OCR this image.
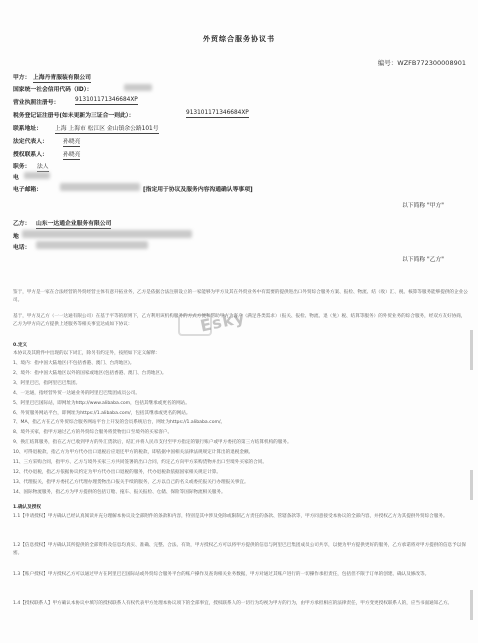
外贸综合服务协议书
编号：WZFB772300008901
甲方： 上海丹青服装有限公司
国家统一社会信用代码（ID）：
营业执照注册号：	913101171346684XP
税务登记证注册号(如未更新为三证合一则此）：	913101171346684XP
联系地址： 上海 上海市 松江区 金山镇余公路101号
法定代表人：	孙晓亮
授权联系人：	孙晓亮
职务： 法人
电
电子邮箱：	[指定用于协议及服务内容沟通确认等事项]
以下简称 "甲方"
乙方： 山东一达通企业服务有限公司
地
电话：
以下简称 "乙方"
鉴于，甲方是一家在合法经营的外贸经营主体有意开拓业务，乙方是依据合法注册设立的一家能够为甲方及其在外贸业务中有需要的提供进出口外贸综合服务方案、报检、物流、结（收）汇、税、核算等服务能够提供的企业公司。
基于，甲方及乙方（一一达通有限公司）在基于平等的原则下，乙方利用该机构服务的方式方便和帮助甲方为客户（满足各类需求）（报关、报检、物流、退（免）税、结算等服务）的外贸业务的综合服务，经双方友好协商，乙方为甲方向乙方提供上述服务等相关事宜达成如下协议：
0.定义
本协议及其附件中出现的以下词汇，除另有约定外，按照如下定义解释：
1、境内：指中国大陆地区(不包括香港、澳门、台湾地区)。
2、境外：指中国大陆地区以外的国家或地区(包括香港、澳门、台湾地区)。
3、阿里巴巴，指阿里巴巴集团。
4、一达通，指经营外贸一达通业务的阿里巴巴集团成员公司。
5、阿里巴巴国际站，即网址为http://www.alibaba.com，包括其继承或更名的网站。
6、外贸服务网站平台，即网址为https://1.alibaba.com/，包括其继承或更名的网站。
7、MA，指乙方在乙方外贸综合服务网站平台上开发的会员系统后台，网址为https://1.alibaba.com/。
8、境外买家，指甲方通过乙方的外贸综合服务将货物出口至境外的买家客户。
9、换汇结算服务，指在乙方已收到甲方的外汇货款后，结汇并将人民币支付至甲方指定的银行账户或甲方委托的第三方结算机构的服务。
10、可得退税款，指乙方为甲方代办出口退税后应退还甲方的税款，即依据中国相关法律法规规定计算出的退税金额。
11、三方采购合同，指甲方、乙方与境外买家三方共同签署的出口合同，约定乙方向甲方采购货物并出口至境外买家的合同。
12、代办退税，指乙方依据协议约定为甲方代办出口退税的服务，代办退税款依据国家相关规定计算。
13、代理报关，指甲方委托乙方代理办理货物出口报关手续的服务，乙方以自己的名义或委托报关行办理报关事宜。
14、国际物流服务，指乙方为甲方提供的包括订舱、拖车、报关报检、仓储、保险等国际物流相关服务。
1.确认及授权
1.1【申请授权】甲方确认已经认真阅读并充分理解本协议及全部附件的条款和内容，特别是其中涉及免除或限制乙方责任的条款、管辖条款等，甲方同意接受本协议的全部内容，并授权乙方为其提供外贸综合服务。
1.2【信息授权】甲方确认其所提供的全部资料及信息均真实、准确、完整、合法、有效，甲方授权乙方可以将甲方提供的信息与阿里巴巴集团成员公司共享，以便为甲方提供更好的服务，乙方承诺将对甲方提供的信息予以保密。
1.3【账户授权】甲方授权乙方可以通过甲方在阿里巴巴国际站或外贸综合服务平台的账户操作及查询相关业务数据，甲方对通过其账户进行的一切操作承担责任，包括但不限于订单的创建、确认及修改等。
1.4【授权联系人】甲方确认本协议中填写的授权联系人有权代表甲方处理本协议项下的全部事宜，授权联系人的一切行为均视为甲方的行为，由甲方承担相应的法律责任，甲方变更授权联系人的，应当书面通知乙方。
Esky
